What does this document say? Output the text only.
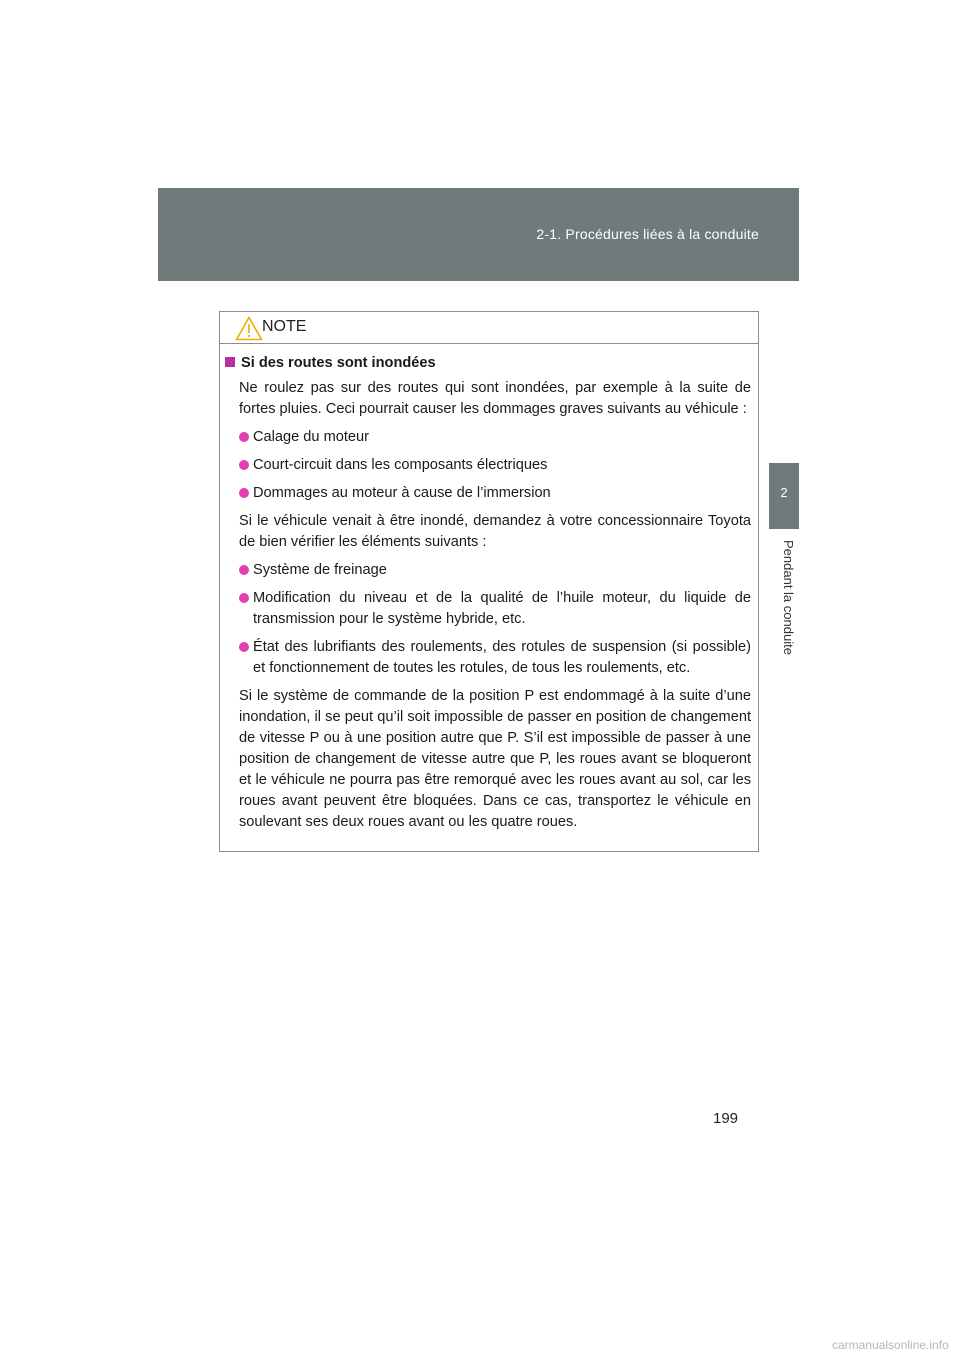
2-1. Procédures liées à la conduite
2
Pendant la conduite
NOTE
Si des routes sont inondées
Ne roulez pas sur des routes qui sont inondées, par exemple à la suite de fortes pluies. Ceci pourrait causer les dommages graves suivants au véhicule :
Calage du moteur
Court-circuit dans les composants électriques
Dommages au moteur à cause de l’immersion
Si le véhicule venait à être inondé, demandez à votre concessionnaire Toyota de bien vérifier les éléments suivants :
Système de freinage
Modification du niveau et de la qualité de l’huile moteur, du liquide de transmission pour le système hybride, etc.
État des lubrifiants des roulements, des rotules de suspension (si possible) et fonctionnement de toutes les rotules, de tous les roulements, etc.
Si le système de commande de la position P est endommagé à la suite d’une inondation, il se peut qu’il soit impossible de passer en position de changement de vitesse P ou à une position autre que P. S’il est impossible de passer à une position de changement de vitesse autre que P, les roues avant se bloqueront et le véhicule ne pourra pas être remorqué avec les roues avant au sol, car les roues avant peuvent être bloquées. Dans ce cas, transportez le véhicule en soulevant ses deux roues avant ou les quatre roues.
199
carmanualsonline.info
